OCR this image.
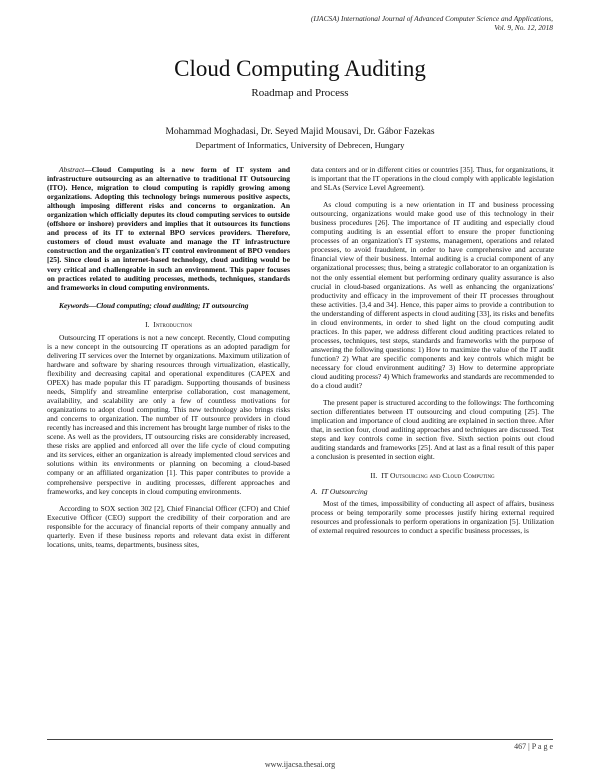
(IJACSA) International Journal of Advanced Computer Science and Applications,
Vol. 9, No. 12, 2018
Cloud Computing Auditing
Roadmap and Process
Mohammad Moghadasi, Dr. Seyed Majid Mousavi, Dr. Gábor Fazekas
Department of Informatics, University of Debrecen, Hungary

Abstract—Cloud Computing is a new form of IT system and infrastructure outsourcing as an alternative to traditional IT Outsourcing (ITO). Hence, migration to cloud computing is rapidly growing among organizations. Adopting this technology brings numerous positive aspects, although imposing different risks and concerns to organization. An organization which officially deputes its cloud computing services to outside (offshore or inshore) providers and implies that it outsources its functions and process of its IT to external BPO services providers. Therefore, customers of cloud must evaluate and manage the IT infrastructure construction and the organization's IT control environment of BPO vendors [25]. Since cloud is an internet-based technology, cloud auditing would be very critical and challengeable in such an environment. This paper focuses on practices related to auditing processes, methods, techniques, standards and frameworks in cloud computing environments.

Keywords—Cloud computing; cloud auditing; IT outsourcing

I. Introduction

Outsourcing IT operations is not a new concept. Recently, Cloud computing is a new concept in the outsourcing IT operations as an adopted paradigm for delivering IT services over the Internet by organizations. Maximum utilization of hardware and software by sharing resources through virtualization, elastically, flexibility and decreasing capital and operational expenditures (CAPEX and OPEX) has made popular this IT paradigm. Supporting thousands of business needs, Simplify and streamline enterprise collaboration, cost management, availability, and scalability are only a few of countless motivations for organizations to adopt cloud computing. This new technology also brings risks and concerns to organization. The number of IT outsource providers in cloud recently has increased and this increment has brought large number of risks to the scene. As well as the providers, IT outsourcing risks are considerably increased, these risks are applied and enforced all over the life cycle of cloud computing and its services, either an organization is already implemented cloud services and solutions within its environments or planning on becoming a cloud-based company or an affiliated organization [1]. This paper contributes to provide a comprehensive perspective in auditing processes, different approaches and frameworks, and key concepts in cloud computing environments.

According to SOX section 302 [2], Chief Financial Officer (CFO) and Chief Executive Officer (CEO) support the credibility of their corporation and are responsible for the accuracy of financial reports of their company annually and quarterly. Even if these business reports and relevant data exist in different locations, units, teams, departments, business sites,

data centers and or in different cities or countries [35]. Thus, for organizations, it is important that the IT operations in the cloud comply with applicable legislation and SLAs (Service Level Agreement).

As cloud computing is a new orientation in IT and business processing outsourcing, organizations would make good use of this technology in their business procedures [26]. The importance of IT auditing and especially cloud computing auditing is an essential effort to ensure the proper functioning processes of an organization's IT systems, management, operations and related processes, to avoid fraudulent, in order to have comprehensive and accurate financial view of their business. Internal auditing is a crucial component of any organizational processes; thus, being a strategic collaborator to an organization is not the only essential element but performing ordinary quality assurance is also crucial in cloud-based organizations. As well as enhancing the organizations' productivity and efficacy in the improvement of their IT processes throughout these activities. [3,4 and 34]. Hence, this paper aims to provide a contribution to the understanding of different aspects in cloud auditing [33], its risks and benefits in cloud environments, in order to shed light on the cloud computing audit practices. In this paper, we address different cloud auditing practices related to processes, techniques, test steps, standards and frameworks with the purpose of answering the following questions: 1) How to maximize the value of the IT audit function? 2) What are specific components and key controls which might be necessary for cloud environment auditing? 3) How to determine appropriate cloud auditing process? 4) Which frameworks and standards are recommended to do a cloud audit?

The present paper is structured according to the followings: The forthcoming section differentiates between IT outsourcing and cloud computing [25]. The implication and importance of cloud auditing are explained in section three. After that, in section four, cloud auditing approaches and techniques are discussed. Test steps and key controls come in section five. Sixth section points out cloud auditing standards and frameworks [25]. And at last as a final result of this paper a conclusion is presented in section eight.

II. IT Outsourcing and Cloud Computing
A. IT Outsourcing

Most of the times, impossibility of conducting all aspect of affairs, business process or being temporarily some processes justify hiring external required resources and professionals to perform operations in organization [5]. Utilization of external required resources to conduct a specific business processes, is

467 | P a g e
www.ijacsa.thesai.org
